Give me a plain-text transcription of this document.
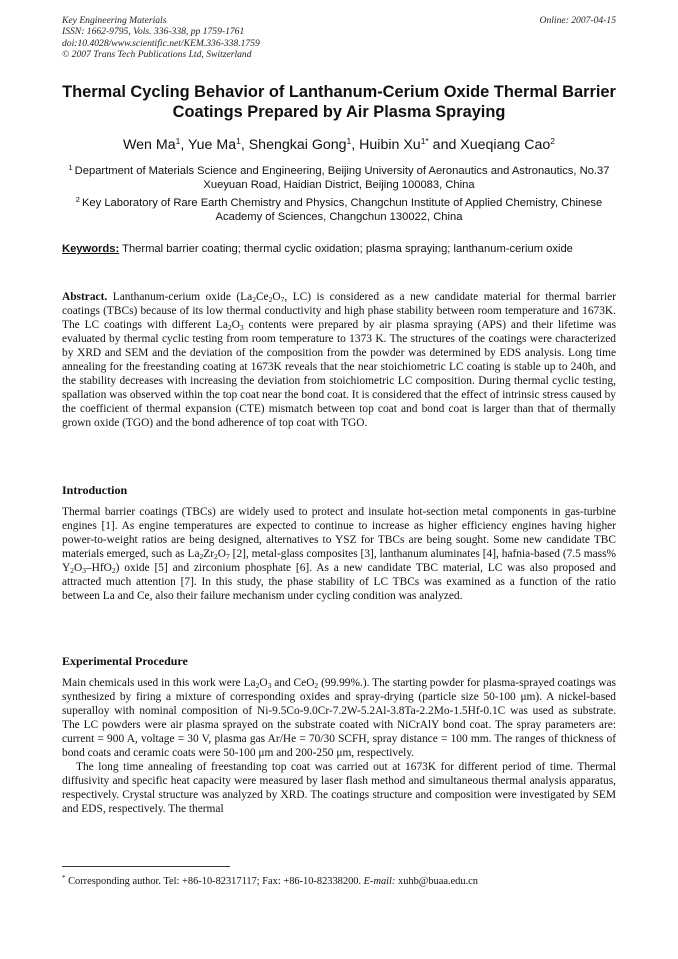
Key Engineering Materials	Online: 2007-04-15
ISSN: 1662-9795, Vols. 336-338, pp 1759-1761
doi:10.4028/www.scientific.net/KEM.336-338.1759
© 2007 Trans Tech Publications Ltd, Switzerland
Thermal Cycling Behavior of Lanthanum-Cerium Oxide Thermal Barrier Coatings Prepared by Air Plasma Spraying
Wen Ma$^1$, Yue Ma$^1$, Shengkai Gong$^1$, Huibin $Xu^{1*}$ and Xueqiang Cao$^2$
$^1$ Department of Materials Science and Engineering, Beijing University of Aeronautics and Astronautics, No.37 Xueyuan Road, Haidian District, Beijing 100083, China
$^2$ Key Laboratory of Rare Earth Chemistry and Physics, Changchun Institute of Applied Chemistry, Chinese Academy of Sciences, Changchun 130022, China
Keywords: Thermal barrier coating; thermal cyclic oxidation; plasma spraying; lanthanum-cerium oxide
Abstract. Lanthanum-cerium oxide ($La_2Ce_2O_7$, LC) is considered as a new candidate material for thermal barrier coatings (TBCs) because of its low thermal conductivity and high phase stability between room temperature and 1673K. The LC coatings with different $La_2O_3$ contents were prepared by air plasma spraying (APS) and their lifetime was evaluated by thermal cyclic testing from room temperature to 1373 K. The structures of the coatings were characterized by XRD and SEM and the deviation of the composition from the powder was determined by EDS analysis. Long time annealing for the freestanding coating at 1673K reveals that the near stoichiometric LC coating is stable up to 240h, and the stability decreases with increasing the deviation from stoichiometric LC composition. During thermal cyclic testing, spallation was observed within the top coat near the bond coat. It is considered that the effect of intrinsic stress caused by the coefficient of thermal expansion (CTE) mismatch between top coat and bond coat is larger than that of thermally grown oxide (TGO) and the bond adherence of top coat with TGO.
Introduction
Thermal barrier coatings (TBCs) are widely used to protect and insulate hot-section metal components in gas-turbine engines [1]. As engine temperatures are expected to continue to increase as higher efficiency engines having higher power-to-weight ratios are being designed, alternatives to YSZ for TBCs are being sought. Some new candidate TBC materials emerged, such as $La_2Zr_2O_7$ [2], metal-glass composites [3], lanthanum aluminates [4], hafnia-based (7.5 mass% $Y_2O_3-HfO_2$) oxide [5] and zirconium phosphate [6]. As a new candidate TBC material, LC was also proposed and attracted much attention [7]. In this study, the phase stability of LC TBCs was examined as a function of the ratio between La and Ce, also their failure mechanism under cycling condition was analyzed.
Experimental Procedure

Main chemicals used in this work were $La_2O_3$ and CeO$_2$ (99.99%.). The starting powder for plasma-sprayed coatings was synthesized by firing a mixture of corresponding oxides and spray-drying (particle size 50-100 μm). A nickel-based superalloy with nominal composition of Ni-9.5Co-9.0Cr-7.2W-5.2Al-3.8Ta-2.2Mo-1.5Hf-0.1C was used as substrate. The LC powders were air plasma sprayed on the substrate coated with NiCrAlY bond coat. The spray parameters are: current = 900 A, voltage = 30 V, plasma gas Ar/He = 70/30 SCFH, spray distance = 100 mm. The ranges of thickness of bond coats and ceramic coats were 50-100 μm and 200-250 μm, respectively.

The long time annealing of freestanding top coat was carried out at 1673K for different period of time. Thermal diffusivity and specific heat capacity were measured by laser flash method and simultaneous thermal analysis apparatus, respectively. Crystal structure was analyzed by XRD. The coatings structure and composition were investigated by SEM and EDS, respectively. The thermal

* Corresponding author. Tel: +86-10-82317117; Fax: +86-10-82338200. E-mail: xuhb@buaa.edu.cn
